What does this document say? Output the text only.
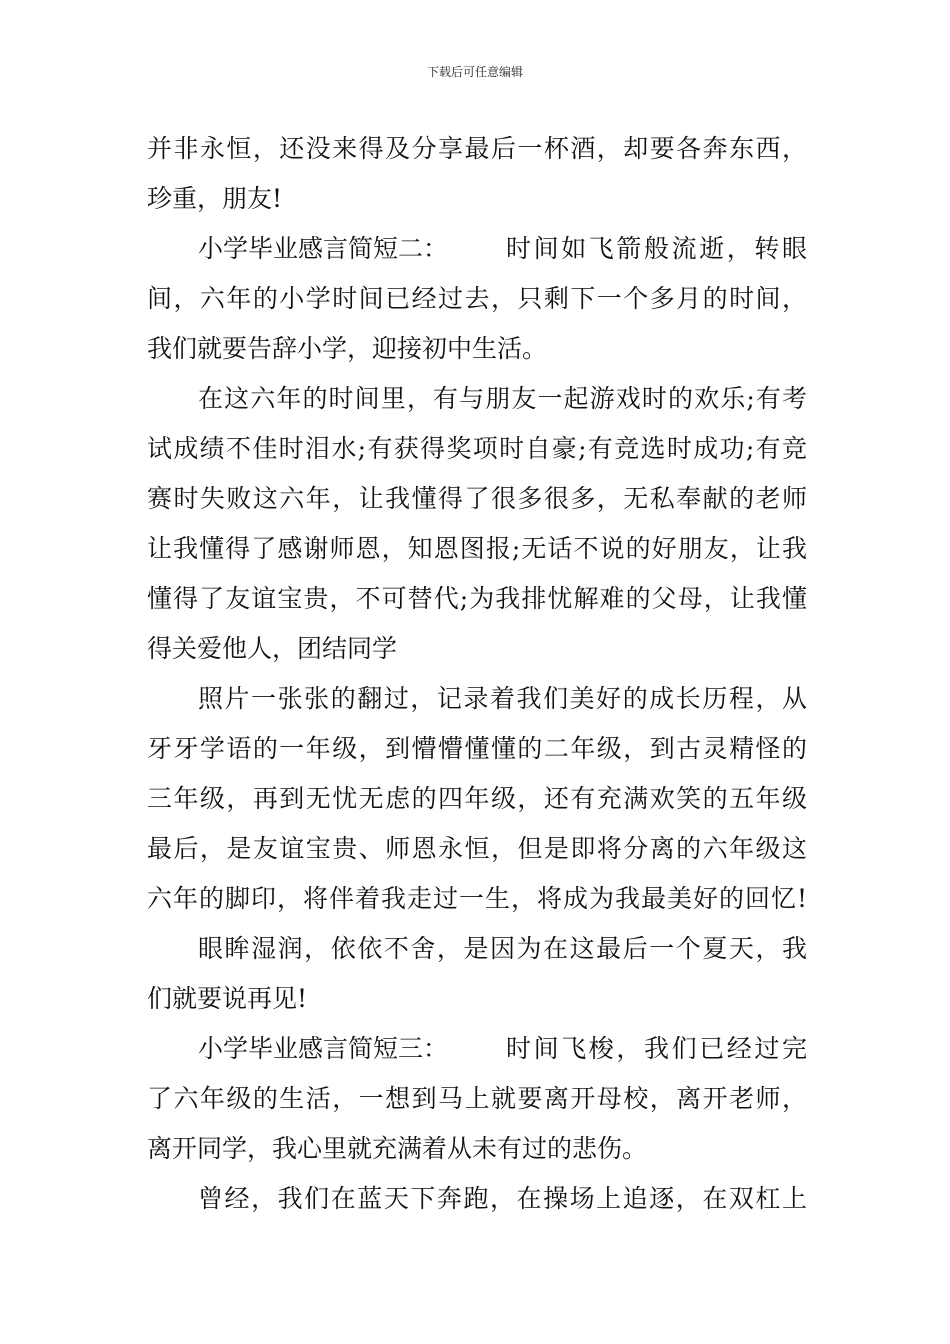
下载后可任意编辑
并非永恒，还没来得及分享最后一杯酒，却要各奔东西，
珍重，朋友!
小学毕业感言简短二： 时间如飞箭般流逝，转眼
间，六年的小学时间已经过去，只剩下一个多月的时间，
我们就要告辞小学，迎接初中生活。
在这六年的时间里，有与朋友一起游戏时的欢乐;有考
试成绩不佳时泪水;有获得奖项时自豪;有竞选时成功;有竞
赛时失败这六年，让我懂得了很多很多，无私奉献的老师
让我懂得了感谢师恩，知恩图报;无话不说的好朋友，让我
懂得了友谊宝贵，不可替代;为我排忧解难的父母，让我懂
得关爱他人，团结同学
照片一张张的翻过，记录着我们美好的成长历程，从
牙牙学语的一年级，到懵懵懂懂的二年级，到古灵精怪的
三年级，再到无忧无虑的四年级，还有充满欢笑的五年级
最后，是友谊宝贵、师恩永恒，但是即将分离的六年级这
六年的脚印，将伴着我走过一生，将成为我最美好的回忆!
眼眸湿润，依依不舍，是因为在这最后一个夏天，我
们就要说再见!
小学毕业感言简短三： 时间飞梭，我们已经过完
了六年级的生活，一想到马上就要离开母校，离开老师，
离开同学，我心里就充满着从未有过的悲伤。
曾经，我们在蓝天下奔跑，在操场上追逐，在双杠上
